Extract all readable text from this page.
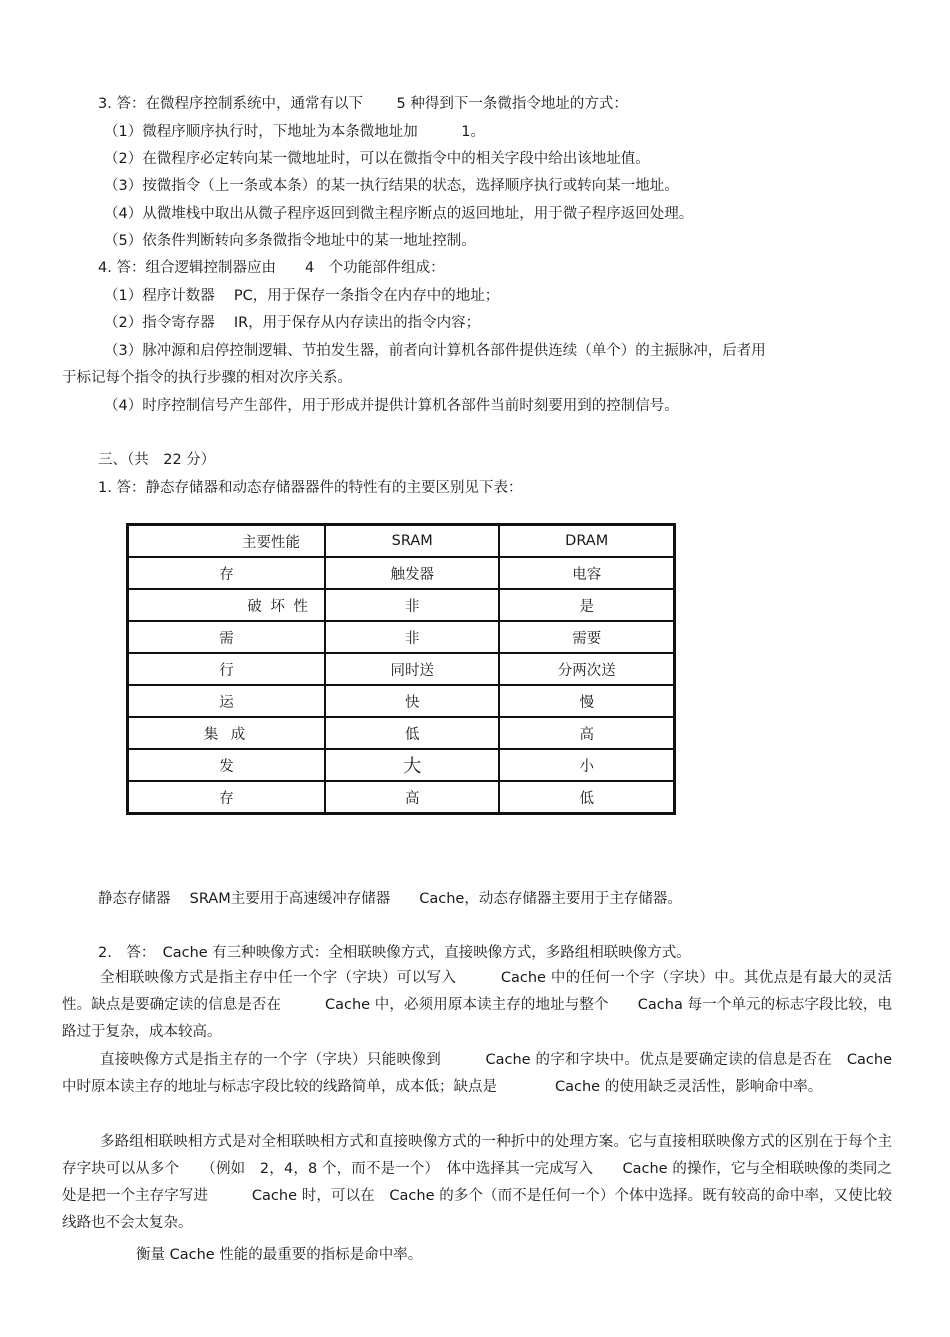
3. 答：在微程序控制系统中，通常有以下　　 5 种得到下一条微指令地址的方式：
（1）微程序顺序执行时，下地址为本条微地址加　　　1。
（2）在微程序必定转向某一微地址时，可以在微指令中的相关字段中给出该地址值。
（3）按微指令（上一条或本条）的某一执行结果的状态，选择顺序执行或转向某一地址。
（4）从微堆栈中取出从微子程序返回到微主程序断点的返回地址，用于微子程序返回处理。
（5）依条件判断转向多条微指令地址中的某一地址控制。
4. 答：组合逻辑控制器应由　　4　个功能部件组成：
（1）程序计数器　 PC，用于保存一条指令在内存中的地址；
（2）指令寄存器　 IR，用于保存从内存读出的指令内容；
（3）脉冲源和启停控制逻辑、节拍发生器，前者向计算机各部件提供连续（单个）的主振脉冲，后者用
于标记每个指令的执行步骤的相对次序关系。
（4）时序控制信号产生部件，用于形成并提供计算机各部件当前时刻要用到的控制信号。
三、（共　22 分）
1. 答：静态存储器和动态存储器器件的特性有的主要区别见下表：
主要性能	SRAM	DRAM
存	触发器	电容
破 坏 性	非	是
需	非	需要
行	同时送	分两次送
运	快	慢
集 成	低	高
发	大	小
存	高	低
静态存储器　 SRAM主要用于高速缓冲存储器　　Cache，动态存储器主要用于主存储器。
2.　答：　Cache 有三种映像方式：全相联映像方式，直接映像方式，多路组相联映像方式。
全相联映像方式是指主存中任一个字（字块）可以写入　　　Cache 中的任何一个字（字块）中。其优点是有最大的灵活性。缺点是要确定读的信息是否在　　　Cache 中，必须用原本读主存的地址与整个　　Cacha 每一个单元的标志字段比较，电路过于复杂，成本较高。
直接映像方式是指主存的一个字（字块）只能映像到　　　Cache 的字和字块中。优点是要确定读的信息是否在　Cache 中时原本读主存的地址与标志字段比较的线路简单，成本低；缺点是　　　　Cache 的使用缺乏灵活性，影响命中率。
多路组相联映相方式是对全相联映相方式和直接映像方式的一种折中的处理方案。它与直接相联映像方式的区别在于每个主存字块可以从多个　　（例如　2，4，8 个，而不是一个）　体中选择其一完成写入　　Cache 的操作，它与全相联映像的类同之处是把一个主存字写进　　　Cache 时，可以在　Cache 的多个（而不是任何一个）个体中选择。既有较高的命中率，又使比较线路也不会太复杂。
衡量 Cache 性能的最重要的指标是命中率。
